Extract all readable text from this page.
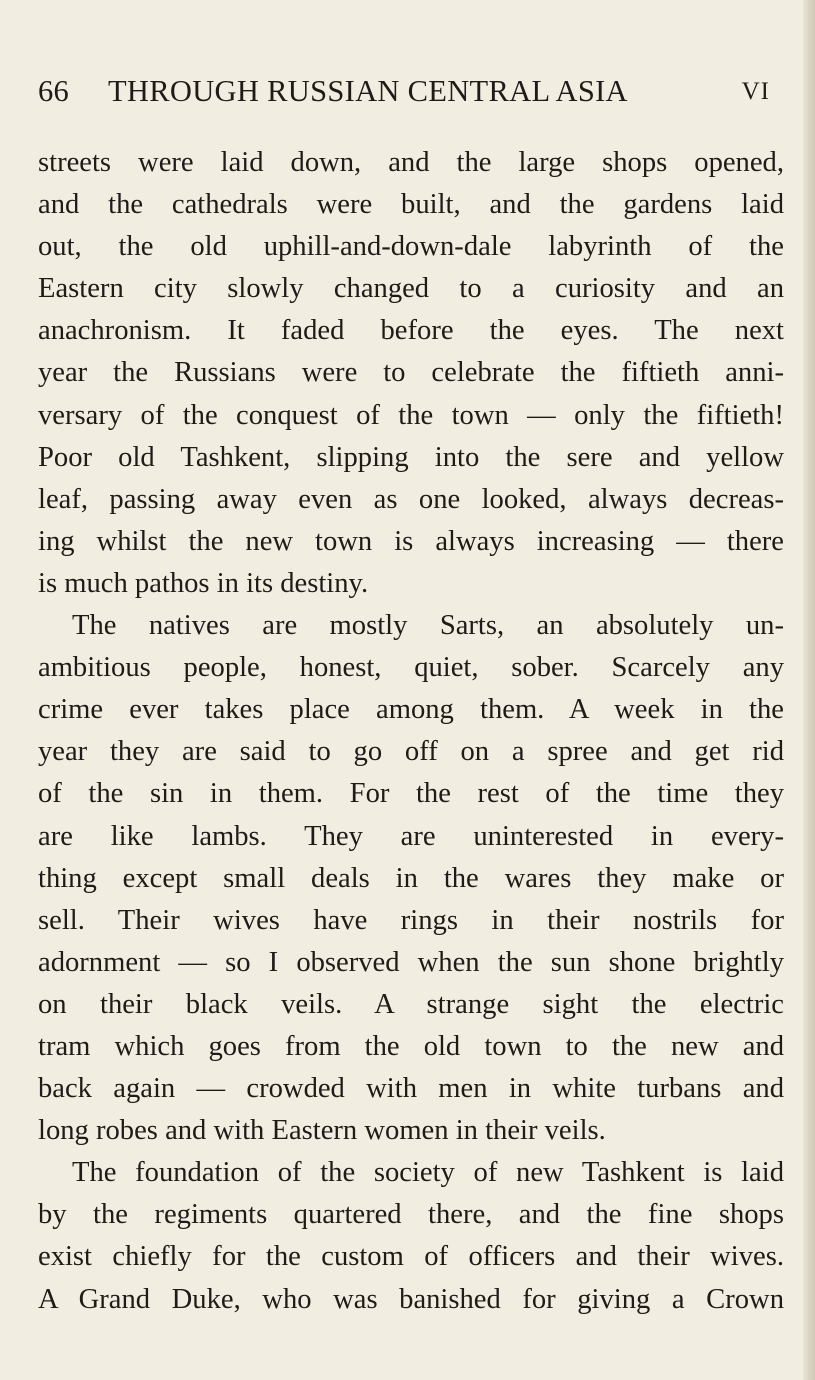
66 THROUGH RUSSIAN CENTRAL ASIA	VI
streets were laid down, and the large shops opened,
and the cathedrals were built, and the gardens laid
out, the old uphill-and-down-dale labyrinth of the
Eastern city slowly changed to a curiosity and an
anachronism. It faded before the eyes. The next
year the Russians were to celebrate the fiftieth anni-
versary of the conquest of the town — only the fiftieth!
Poor old Tashkent, slipping into the sere and yellow
leaf, passing away even as one looked, always decreas-
ing whilst the new town is always increasing — there
is much pathos in its destiny.
The natives are mostly Sarts, an absolutely un-
ambitious people, honest, quiet, sober. Scarcely any
crime ever takes place among them. A week in the
year they are said to go off on a spree and get rid
of the sin in them. For the rest of the time they
are like lambs. They are uninterested in every-
thing except small deals in the wares they make or
sell. Their wives have rings in their nostrils for
adornment — so I observed when the sun shone brightly
on their black veils. A strange sight the electric
tram which goes from the old town to the new and
back again — crowded with men in white turbans and
long robes and with Eastern women in their veils.
The foundation of the society of new Tashkent is laid
by the regiments quartered there, and the fine shops
exist chiefly for the custom of officers and their wives.
A Grand Duke, who was banished for giving a Crown
